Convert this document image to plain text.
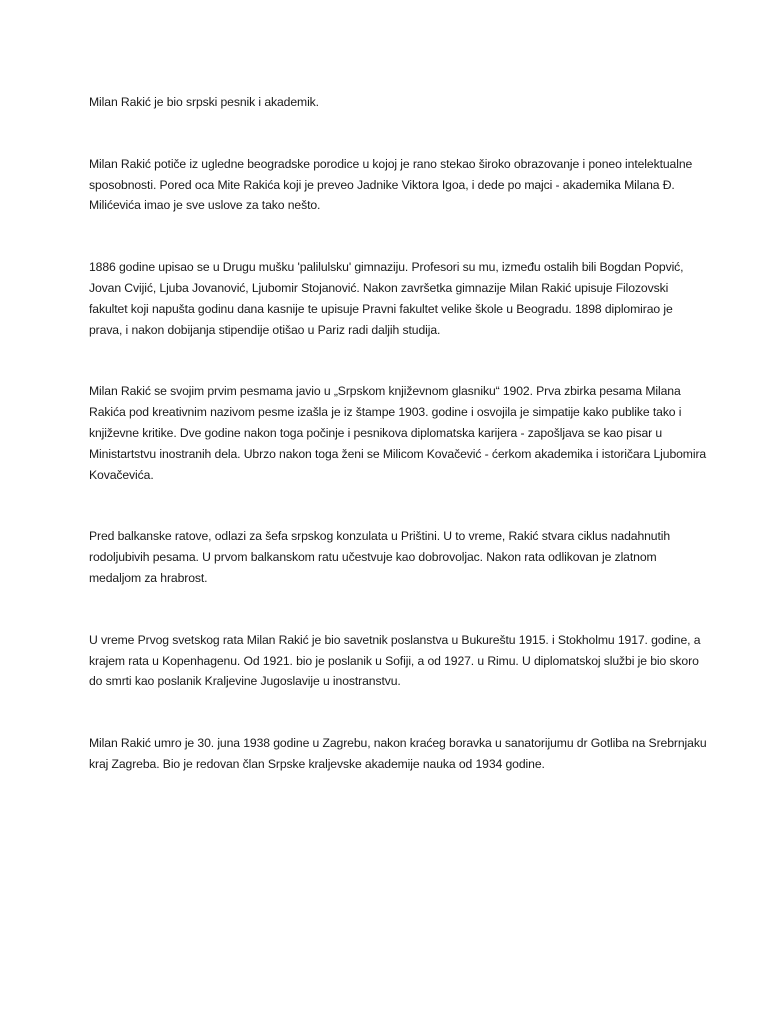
Milan Rakić je bio srpski pesnik i akademik.

Milan Rakić potiče iz ugledne beogradske porodice u kojoj je rano stekao široko obrazovanje i poneo intelektualne sposobnosti. Pored oca Mite Rakića koji je preveo Jadnike Viktora Igoa, i dede po majci - akademika Milana Đ. Milićevića imao je sve uslove za tako nešto.

1886 godine upisao se u Drugu mušku 'palilulsku' gimnaziju. Profesori su mu, između ostalih bili Bogdan Popvić, Jovan Cvijić, Ljuba Jovanović, Ljubomir Stojanović. Nakon završetka gimnazije Milan Rakić upisuje Filozovski fakultet koji napušta godinu dana kasnije te upisuje Pravni fakultet velike škole u Beogradu. 1898 diplomirao je prava, i nakon dobijanja stipendije otišao u Pariz radi daljih studija.

Milan Rakić se svojim prvim pesmama javio u „Srpskom književnom glasniku“ 1902. Prva zbirka pesama Milana Rakića pod kreativnim nazivom pesme izašla je iz štampe 1903. godine i osvojila je simpatije kako publike tako i književne kritike. Dve godine nakon toga počinje i pesnikova diplomatska karijera - zapošljava se kao pisar u Ministartstvu inostranih dela. Ubrzo nakon toga ženi se Milicom Kovačević - ćerkom akademika i istoričara Ljubomira Kovačevića.

Pred balkanske ratove, odlazi za šefa srpskog konzulata u Prištini. U to vreme, Rakić stvara ciklus nadahnutih rodoljubivih pesama. U prvom balkanskom ratu učestvuje kao dobrovoljac. Nakon rata odlikovan je zlatnom medaljom za hrabrost.

U vreme Prvog svetskog rata Milan Rakić je bio savetnik poslanstva u Bukureštu 1915. i Stokholmu 1917. godine, a krajem rata u Kopenhagenu. Od 1921. bio je poslanik u Sofiji, a od 1927. u Rimu. U diplomatskoj službi je bio skoro do smrti kao poslanik Kraljevine Jugoslavije u inostranstvu.

Milan Rakić umro je 30. juna 1938 godine u Zagrebu, nakon kraćeg boravka u sanatorijumu dr Gotliba na Srebrnjaku kraj Zagreba. Bio je redovan član Srpske kraljevske akademije nauka od 1934 godine.
